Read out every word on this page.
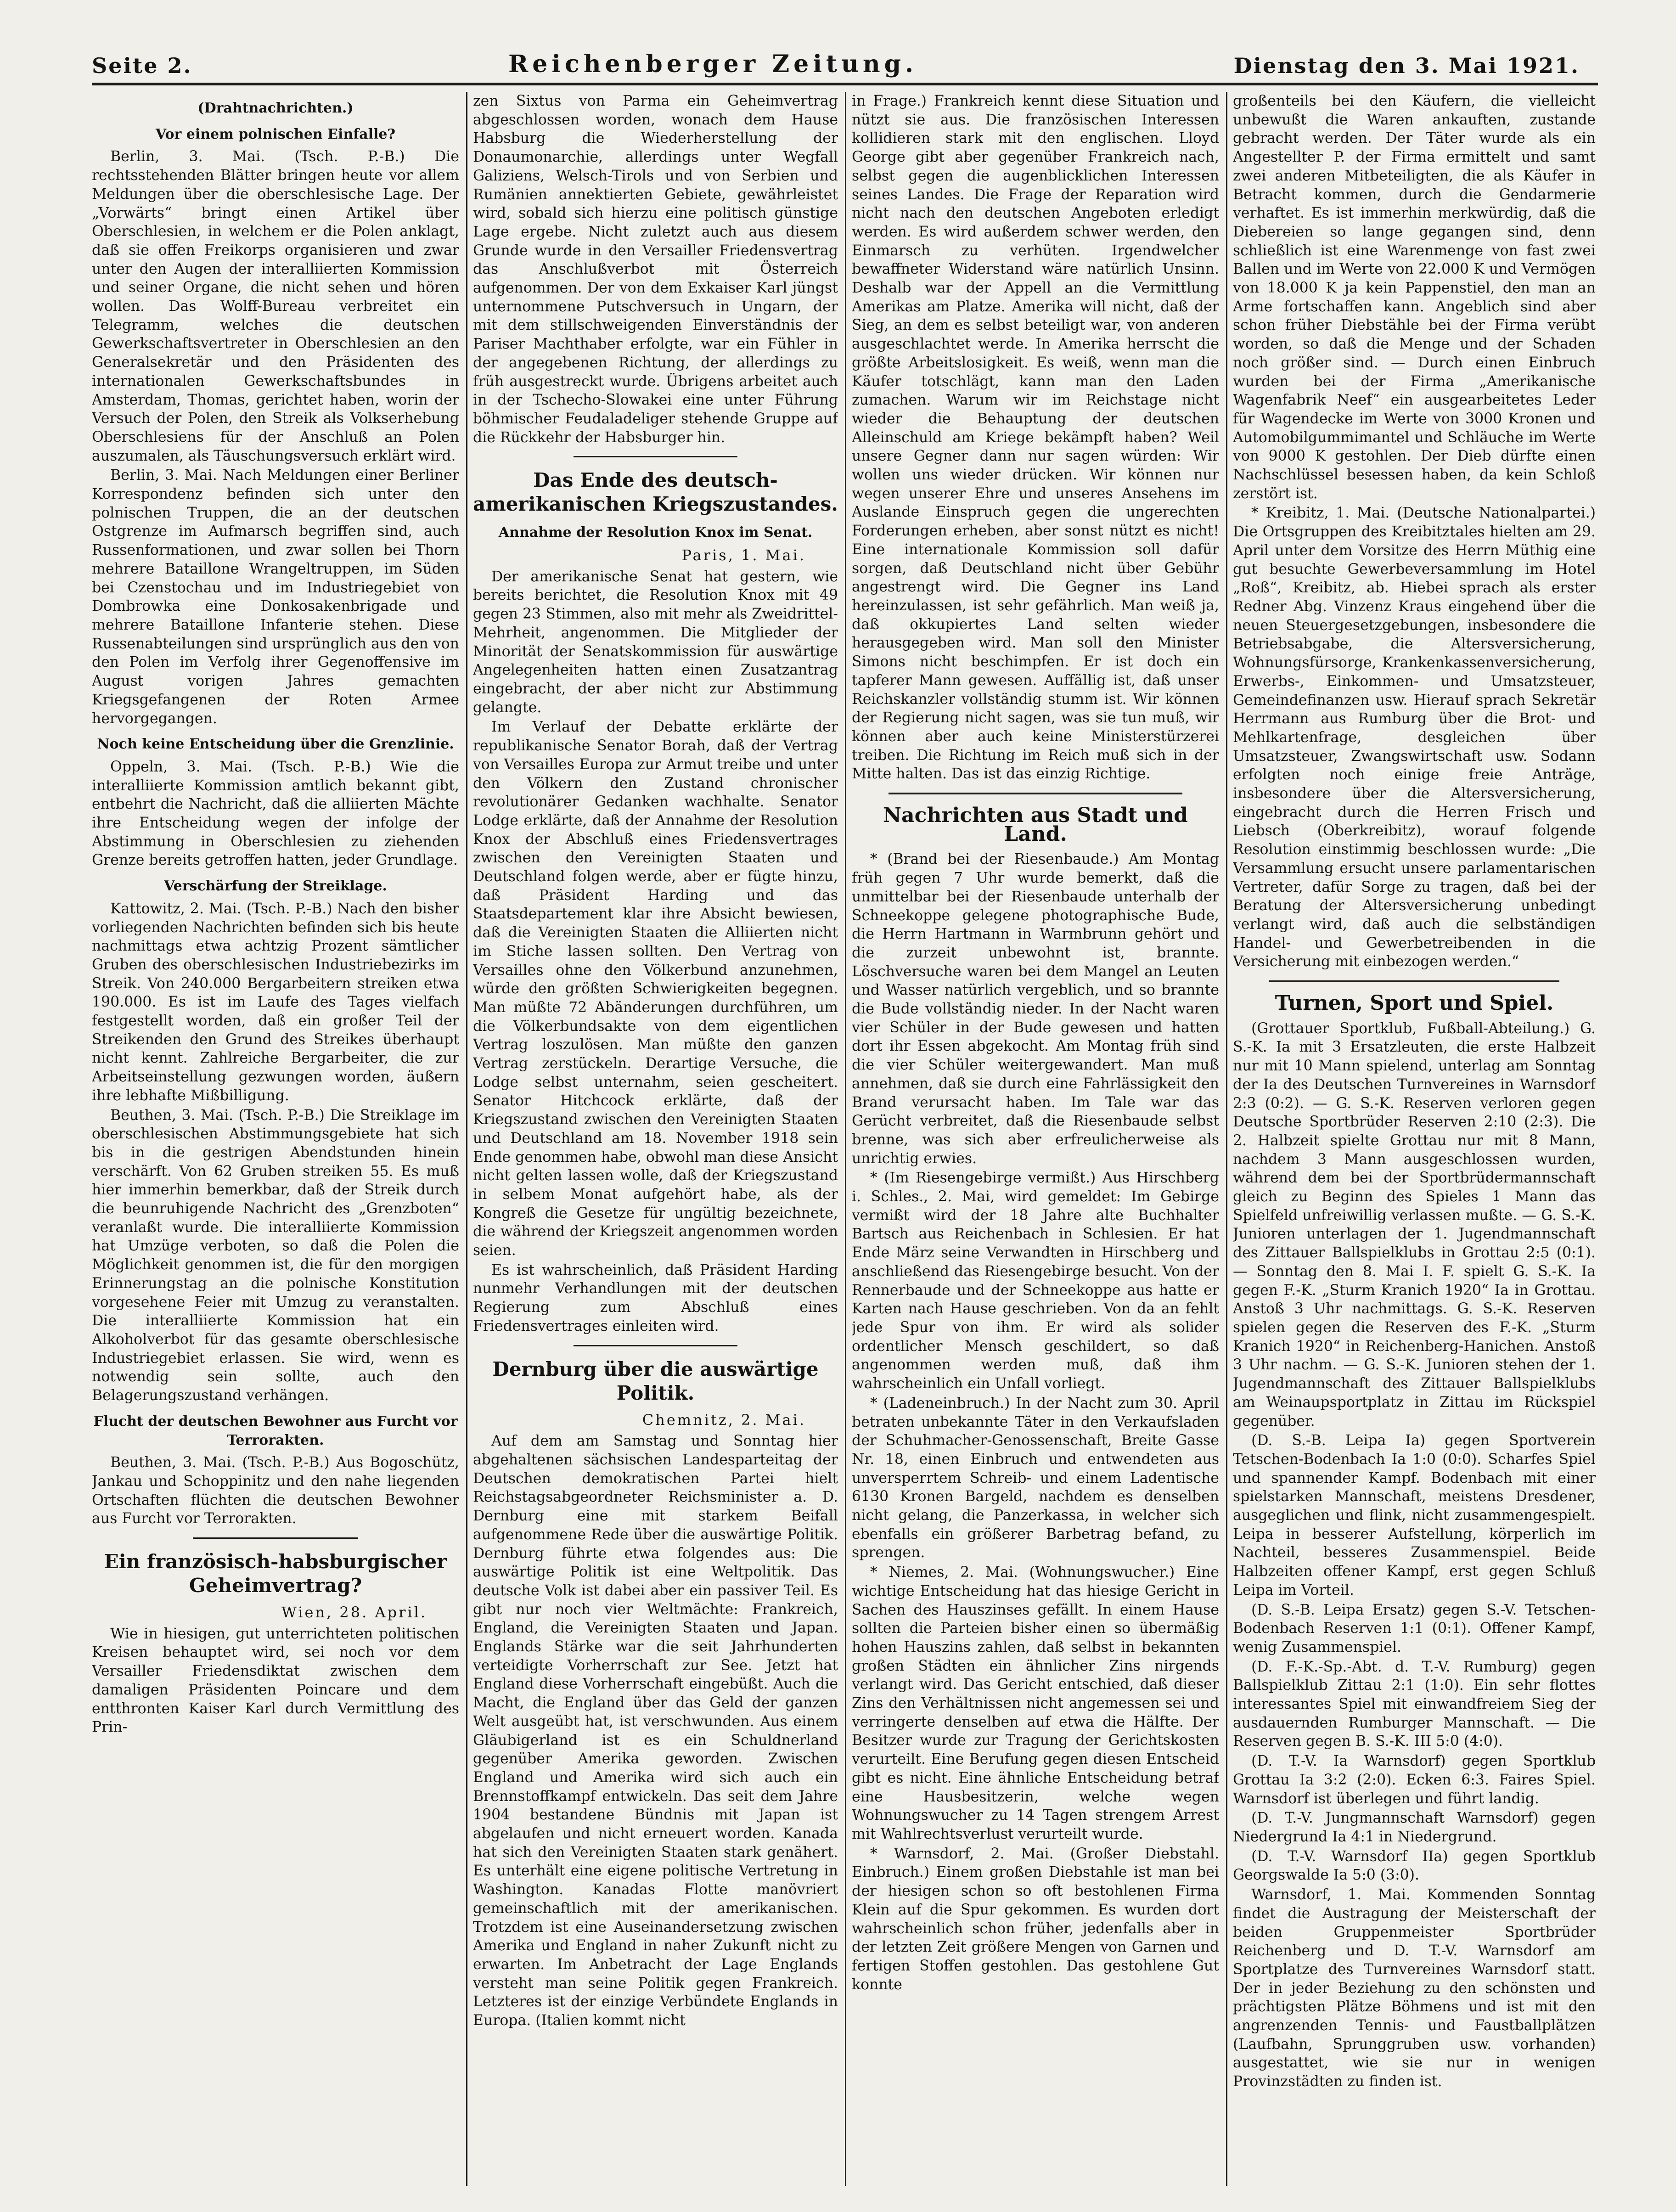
Seite 2.	Reichenberger Zeitung.	Dienstag den 3. Mai 1921.
(Drahtnachrichten.)
Vor einem polnischen Einfalle?

Berlin, 3. Mai. (Tsch. P.-B.) Die rechtsstehenden Blätter bringen heute vor allem Meldungen über die oberschlesische Lage. Der „Vorwärts“ bringt einen Artikel über Oberschlesien, in welchem er die Polen anklagt, daß sie offen Freikorps organisieren und zwar unter den Augen der interalliierten Kommission und seiner Organe, die nicht sehen und hören wollen. Das Wolff-Bureau verbreitet ein Telegramm, welches die deutschen Gewerkschaftsvertreter in Oberschlesien an den Generalsekretär und den Präsidenten des internationalen Gewerkschaftsbundes in Amsterdam, Thomas, gerichtet haben, worin der Versuch der Polen, den Streik als Volkserhebung Oberschlesiens für der Anschluß an Polen auszumalen, als Täuschungsversuch erklärt wird.

Berlin, 3. Mai. Nach Meldungen einer Berliner Korrespondenz befinden sich unter den polnischen Truppen, die an der deutschen Ostgrenze im Aufmarsch begriffen sind, auch Russenformationen, und zwar sollen bei Thorn mehrere Bataillone Wrangeltruppen, im Süden bei Czenstochau und im Industriegebiet von Dombrowka eine Donkosakenbrigade und mehrere Bataillone Infanterie stehen. Diese Russenabteilungen sind ursprünglich aus den von den Polen im Verfolg ihrer Gegenoffensive im August vorigen Jahres gemachten Kriegsgefangenen der Roten Armee hervorgegangen.

Noch keine Entscheidung über die Grenzlinie.

Oppeln, 3. Mai. (Tsch. P.-B.) Wie die interalliierte Kommission amtlich bekannt gibt, entbehrt die Nachricht, daß die alliierten Mächte ihre Entscheidung wegen der infolge der Abstimmung in Oberschlesien zu ziehenden Grenze bereits getroffen hatten, jeder Grundlage.

Verschärfung der Streiklage.

Kattowitz, 2. Mai. (Tsch. P.-B.) Nach den bisher vorliegenden Nachrichten befinden sich bis heute nachmittags etwa achtzig Prozent sämtlicher Gruben des oberschlesischen Industriebezirks im Streik. Von 240.000 Bergarbeitern streiken etwa 190.000. Es ist im Laufe des Tages vielfach festgestellt worden, daß ein großer Teil der Streikenden den Grund des Streikes überhaupt nicht kennt. Zahlreiche Bergarbeiter, die zur Arbeitseinstellung gezwungen worden, äußern ihre lebhafte Mißbilligung.

Beuthen, 3. Mai. (Tsch. P.-B.) Die Streiklage im oberschlesischen Abstimmungsgebiete hat sich bis in die gestrigen Abendstunden hinein verschärft. Von 62 Gruben streiken 55. Es muß hier immerhin bemerkbar, daß der Streik durch die beunruhigende Nachricht des „Grenzboten“ veranlaßt wurde. Die interalliierte Kommission hat Umzüge verboten, so daß die Polen die Möglichkeit genommen ist, die für den morgigen Erinnerungstag an die polnische Konstitution vorgesehene Feier mit Umzug zu veranstalten. Die interalliierte Kommission hat ein Alkoholverbot für das gesamte oberschlesische Industriegebiet erlassen. Sie wird, wenn es notwendig sein sollte, auch den Belagerungszustand verhängen.

Flucht der deutschen Bewohner aus Furcht vor Terrorakten.

Beuthen, 3. Mai. (Tsch. P.-B.) Aus Bogoschütz, Jankau und Schoppinitz und den nahe liegenden Ortschaften flüchten die deutschen Bewohner aus Furcht vor Terrorakten.

Ein französisch-habsburgischer Geheimvertrag?
Wien, 28. April.

Wie in hiesigen, gut unterrichteten politischen Kreisen behauptet wird, sei noch vor dem Versailler Friedensdiktat zwischen dem damaligen Präsidenten Poincare und dem entthronten Kaiser Karl durch Vermittlung des Prin-

zen Sixtus von Parma ein Geheimvertrag abgeschlossen worden, wonach dem Hause Habsburg die Wiederherstellung der Donaumonarchie, allerdings unter Wegfall Galiziens, Welsch-Tirols und von Serbien und Rumänien annektierten Gebiete, gewährleistet wird, sobald sich hierzu eine politisch günstige Lage ergebe. Nicht zuletzt auch aus diesem Grunde wurde in den Versailler Friedensvertrag das Anschlußverbot mit Österreich aufgenommen. Der von dem Exkaiser Karl jüngst unternommene Putschversuch in Ungarn, der mit dem stillschweigenden Einverständnis der Pariser Machthaber erfolgte, war ein Fühler in der angegebenen Richtung, der allerdings zu früh ausgestreckt wurde. Übrigens arbeitet auch in der Tschecho-Slowakei eine unter Führung böhmischer Feudaladeliger stehende Gruppe auf die Rückkehr der Habsburger hin.

Das Ende des deutsch-amerikanischen Kriegszustandes.
Annahme der Resolution Knox im Senat.
Paris, 1. Mai.

Der amerikanische Senat hat gestern, wie bereits berichtet, die Resolution Knox mit 49 gegen 23 Stimmen, also mit mehr als Zweidrittel-Mehrheit, angenommen. Die Mitglieder der Minorität der Senatskommission für auswärtige Angelegenheiten hatten einen Zusatzantrag eingebracht, der aber nicht zur Abstimmung gelangte.

Im Verlauf der Debatte erklärte der republikanische Senator Borah, daß der Vertrag von Versailles Europa zur Armut treibe und unter den Völkern den Zustand chronischer revolutionärer Gedanken wachhalte. Senator Lodge erklärte, daß der Annahme der Resolution Knox der Abschluß eines Friedensvertrages zwischen den Vereinigten Staaten und Deutschland folgen werde, aber er fügte hinzu, daß Präsident Harding und das Staatsdepartement klar ihre Absicht bewiesen, daß die Vereinigten Staaten die Alliierten nicht im Stiche lassen sollten. Den Vertrag von Versailles ohne den Völkerbund anzunehmen, würde den größten Schwierigkeiten begegnen. Man müßte 72 Abänderungen durchführen, um die Völkerbundsakte von dem eigentlichen Vertrag loszulösen. Man müßte den ganzen Vertrag zerstückeln. Derartige Versuche, die Lodge selbst unternahm, seien gescheitert. Senator Hitchcock erklärte, daß der Kriegszustand zwischen den Vereinigten Staaten und Deutschland am 18. November 1918 sein Ende genommen habe, obwohl man diese Ansicht nicht gelten lassen wolle, daß der Kriegszustand in selbem Monat aufgehört habe, als der Kongreß die Gesetze für ungültig bezeichnete, die während der Kriegszeit angenommen worden seien.

Es ist wahrscheinlich, daß Präsident Harding nunmehr Verhandlungen mit der deutschen Regierung zum Abschluß eines Friedensvertrages einleiten wird.

Dernburg über die auswärtige Politik.
Chemnitz, 2. Mai.

Auf dem am Samstag und Sonntag hier abgehaltenen sächsischen Landesparteitag der Deutschen demokratischen Partei hielt Reichstagsabgeordneter Reichsminister a. D. Dernburg eine mit starkem Beifall aufgenommene Rede über die auswärtige Politik. Dernburg führte etwa folgendes aus: Die auswärtige Politik ist eine Weltpolitik. Das deutsche Volk ist dabei aber ein passiver Teil. Es gibt nur noch vier Weltmächte: Frankreich, England, die Vereinigten Staaten und Japan. Englands Stärke war die seit Jahrhunderten verteidigte Vorherrschaft zur See. Jetzt hat England diese Vorherrschaft eingebüßt. Auch die Macht, die England über das Geld der ganzen Welt ausgeübt hat, ist verschwunden. Aus einem Gläubigerland ist es ein Schuldnerland gegenüber Amerika geworden. Zwischen England und Amerika wird sich auch ein Brennstoffkampf entwickeln. Das seit dem Jahre 1904 bestandene Bündnis mit Japan ist abgelaufen und nicht erneuert worden. Kanada hat sich den Vereinigten Staaten stark genähert. Es unterhält eine eigene politische Vertretung in Washington. Kanadas Flotte manövriert gemeinschaftlich mit der amerikanischen. Trotzdem ist eine Auseinandersetzung zwischen Amerika und England in naher Zukunft nicht zu erwarten. Im Anbetracht der Lage Englands versteht man seine Politik gegen Frankreich. Letzteres ist der einzige Verbündete Englands in Europa. (Italien kommt nicht

in Frage.) Frankreich kennt diese Situation und nützt sie aus. Die französischen Interessen kollidieren stark mit den englischen. Lloyd George gibt aber gegenüber Frankreich nach, selbst gegen die augenblicklichen Interessen seines Landes. Die Frage der Reparation wird nicht nach den deutschen Angeboten erledigt werden. Es wird außerdem schwer werden, den Einmarsch zu verhüten. Irgendwelcher bewaffneter Widerstand wäre natürlich Unsinn. Deshalb war der Appell an die Vermittlung Amerikas am Platze. Amerika will nicht, daß der Sieg, an dem es selbst beteiligt war, von anderen ausgeschlachtet werde. In Amerika herrscht die größte Arbeitslosigkeit. Es weiß, wenn man die Käufer totschlägt, kann man den Laden zumachen. Warum wir im Reichstage nicht wieder die Behauptung der deutschen Alleinschuld am Kriege bekämpft haben? Weil unsere Gegner dann nur sagen würden: Wir wollen uns wieder drücken. Wir können nur wegen unserer Ehre und unseres Ansehens im Auslande Einspruch gegen die ungerechten Forderungen erheben, aber sonst nützt es nicht! Eine internationale Kommission soll dafür sorgen, daß Deutschland nicht über Gebühr angestrengt wird. Die Gegner ins Land hereinzulassen, ist sehr gefährlich. Man weiß ja, daß okkupiertes Land selten wieder herausgegeben wird. Man soll den Minister Simons nicht beschimpfen. Er ist doch ein tapferer Mann gewesen. Auffällig ist, daß unser Reichskanzler vollständig stumm ist. Wir können der Regierung nicht sagen, was sie tun muß, wir können aber auch keine Ministerstürzerei treiben. Die Richtung im Reich muß sich in der Mitte halten. Das ist das einzig Richtige.

Nachrichten aus Stadt und Land.

* (Brand bei der Riesenbaude.) Am Montag früh gegen 7 Uhr wurde bemerkt, daß die unmittelbar bei der Riesenbaude unterhalb der Schneekoppe gelegene photographische Bude, die Herrn Hartmann in Warmbrunn gehört und die zurzeit unbewohnt ist, brannte. Löschversuche waren bei dem Mangel an Leuten und Wasser natürlich vergeblich, und so brannte die Bude vollständig nieder. In der Nacht waren vier Schüler in der Bude gewesen und hatten dort ihr Essen abgekocht. Am Montag früh sind die vier Schüler weitergewandert. Man muß annehmen, daß sie durch eine Fahrlässigkeit den Brand verursacht haben. Im Tale war das Gerücht verbreitet, daß die Riesenbaude selbst brenne, was sich aber erfreulicherweise als unrichtig erwies.

* (Im Riesengebirge vermißt.) Aus Hirschberg i. Schles., 2. Mai, wird gemeldet: Im Gebirge vermißt wird der 18 Jahre alte Buchhalter Bartsch aus Reichenbach in Schlesien. Er hat Ende März seine Verwandten in Hirschberg und anschließend das Riesengebirge besucht. Von der Rennerbaude und der Schneekoppe aus hatte er Karten nach Hause geschrieben. Von da an fehlt jede Spur von ihm. Er wird als solider ordentlicher Mensch geschildert, so daß angenommen werden muß, daß ihm wahrscheinlich ein Unfall vorliegt.

* (Ladeneinbruch.) In der Nacht zum 30. April betraten unbekannte Täter in den Verkaufsladen der Schuhmacher-Genossenschaft, Breite Gasse Nr. 18, einen Einbruch und entwendeten aus unversperrtem Schreib- und einem Ladentische 6130 Kronen Bargeld, nachdem es denselben nicht gelang, die Panzerkassa, in welcher sich ebenfalls ein größerer Barbetrag befand, zu sprengen.

* Niemes, 2. Mai. (Wohnungswucher.) Eine wichtige Entscheidung hat das hiesige Gericht in Sachen des Hauszinses gefällt. In einem Hause sollten die Parteien bisher einen so übermäßig hohen Hauszins zahlen, daß selbst in bekannten großen Städten ein ähnlicher Zins nirgends verlangt wird. Das Gericht entschied, daß dieser Zins den Verhältnissen nicht angemessen sei und verringerte denselben auf etwa die Hälfte. Der Besitzer wurde zur Tragung der Gerichtskosten verurteilt. Eine Berufung gegen diesen Entscheid gibt es nicht. Eine ähnliche Entscheidung betraf eine Hausbesitzerin, welche wegen Wohnungswucher zu 14 Tagen strengem Arrest mit Wahlrechtsverlust verurteilt wurde.

* Warnsdorf, 2. Mai. (Großer Diebstahl. Einbruch.) Einem großen Diebstahle ist man bei der hiesigen schon so oft bestohlenen Firma Klein auf die Spur gekommen. Es wurden dort wahrscheinlich schon früher, jedenfalls aber in der letzten Zeit größere Mengen von Garnen und fertigen Stoffen gestohlen. Das gestohlene Gut konnte

großenteils bei den Käufern, die vielleicht unbewußt die Waren ankauften, zustande gebracht werden. Der Täter wurde als ein Angestellter P. der Firma ermittelt und samt zwei anderen Mitbeteiligten, die als Käufer in Betracht kommen, durch die Gendarmerie verhaftet. Es ist immerhin merkwürdig, daß die Diebereien so lange gegangen sind, denn schließlich ist eine Warenmenge von fast zwei Ballen und im Werte von 22.000 K und Vermögen von 18.000 K ja kein Pappenstiel, den man an Arme fortschaffen kann. Angeblich sind aber schon früher Diebstähle bei der Firma verübt worden, so daß die Menge und der Schaden noch größer sind. — Durch einen Einbruch wurden bei der Firma „Amerikanische Wagenfabrik Neef“ ein ausgearbeitetes Leder für Wagendecke im Werte von 3000 Kronen und Automobilgummimantel und Schläuche im Werte von 9000 K gestohlen. Der Dieb dürfte einen Nachschlüssel besessen haben, da kein Schloß zerstört ist.

* Kreibitz, 1. Mai. (Deutsche Nationalpartei.) Die Ortsgruppen des Kreibitztales hielten am 29. April unter dem Vorsitze des Herrn Müthig eine gut besuchte Gewerbeversammlung im Hotel „Roß“, Kreibitz, ab. Hiebei sprach als erster Redner Abg. Vinzenz Kraus eingehend über die neuen Steuergesetzgebungen, insbesondere die Betriebsabgabe, die Altersversicherung, Wohnungsfürsorge, Krankenkassenversicherung, Erwerbs-, Einkommen- und Umsatzsteuer, Gemeindefinanzen usw. Hierauf sprach Sekretär Herrmann aus Rumburg über die Brot- und Mehlkartenfrage, desgleichen über Umsatzsteuer, Zwangswirtschaft usw. Sodann erfolgten noch einige freie Anträge, insbesondere über die Altersversicherung, eingebracht durch die Herren Frisch und Liebsch (Oberkreibitz), worauf folgende Resolution einstimmig beschlossen wurde: „Die Versammlung ersucht unsere parlamentarischen Vertreter, dafür Sorge zu tragen, daß bei der Beratung der Altersversicherung unbedingt verlangt wird, daß auch die selbständigen Handel- und Gewerbetreibenden in die Versicherung mit einbezogen werden.“

Turnen, Sport und Spiel.

(Grottauer Sportklub, Fußball-Abteilung.) G. S.-K. Ia mit 3 Ersatzleuten, die erste Halbzeit nur mit 10 Mann spielend, unterlag am Sonntag der Ia des Deutschen Turnvereines in Warnsdorf 2:3 (0:2). — G. S.-K. Reserven verloren gegen Deutsche Sportbrüder Reserven 2:10 (2:3). Die 2. Halbzeit spielte Grottau nur mit 8 Mann, nachdem 3 Mann ausgeschlossen wurden, während dem bei der Sportbrüdermannschaft gleich zu Beginn des Spieles 1 Mann das Spielfeld unfreiwillig verlassen mußte. — G. S.-K. Junioren unterlagen der 1. Jugendmannschaft des Zittauer Ballspielklubs in Grottau 2:5 (0:1). — Sonntag den 8. Mai I. F. spielt G. S.-K. Ia gegen F.-K. „Sturm Kranich 1920“ Ia in Grottau. Anstoß 3 Uhr nachmittags. G. S.-K. Reserven spielen gegen die Reserven des F.-K. „Sturm Kranich 1920“ in Reichenberg-Hanichen. Anstoß 3 Uhr nachm. — G. S.-K. Junioren stehen der 1. Jugendmannschaft des Zittauer Ballspielklubs am Weinaupsportplatz in Zittau im Rückspiel gegenüber.

(D. S.-B. Leipa Ia) gegen Sportverein Tetschen-Bodenbach Ia 1:0 (0:0). Scharfes Spiel und spannender Kampf. Bodenbach mit einer spielstarken Mannschaft, meistens Dresdener, ausgeglichen und flink, nicht zusammengespielt. Leipa in besserer Aufstellung, körperlich im Nachteil, besseres Zusammenspiel. Beide Halbzeiten offener Kampf, erst gegen Schluß Leipa im Vorteil.

(D. S.-B. Leipa Ersatz) gegen S.-V. Tetschen-Bodenbach Reserven 1:1 (0:1). Offener Kampf, wenig Zusammenspiel.

(D. F.-K.-Sp.-Abt. d. T.-V. Rumburg) gegen Ballspielklub Zittau 2:1 (1:0). Ein sehr flottes interessantes Spiel mit einwandfreiem Sieg der ausdauernden Rumburger Mannschaft. — Die Reserven gegen B. S.-K. III 5:0 (4:0).

(D. T.-V. Ia Warnsdorf) gegen Sportklub Grottau Ia 3:2 (2:0). Ecken 6:3. Faires Spiel. Warnsdorf ist überlegen und führt landig.

(D. T.-V. Jungmannschaft Warnsdorf) gegen Niedergrund Ia 4:1 in Niedergrund.

(D. T.-V. Warnsdorf IIa) gegen Sportklub Georgswalde Ia 5:0 (3:0).

Warnsdorf, 1. Mai. Kommenden Sonntag findet die Austragung der Meisterschaft der beiden Gruppenmeister Sportbrüder Reichenberg und D. T.-V. Warnsdorf am Sportplatze des Turnvereines Warnsdorf statt. Der in jeder Beziehung zu den schönsten und prächtigsten Plätze Böhmens und ist mit den angrenzenden Tennis- und Faustballplätzen (Laufbahn, Sprunggruben usw. vorhanden) ausgestattet, wie sie nur in wenigen Provinzstädten zu finden ist.
